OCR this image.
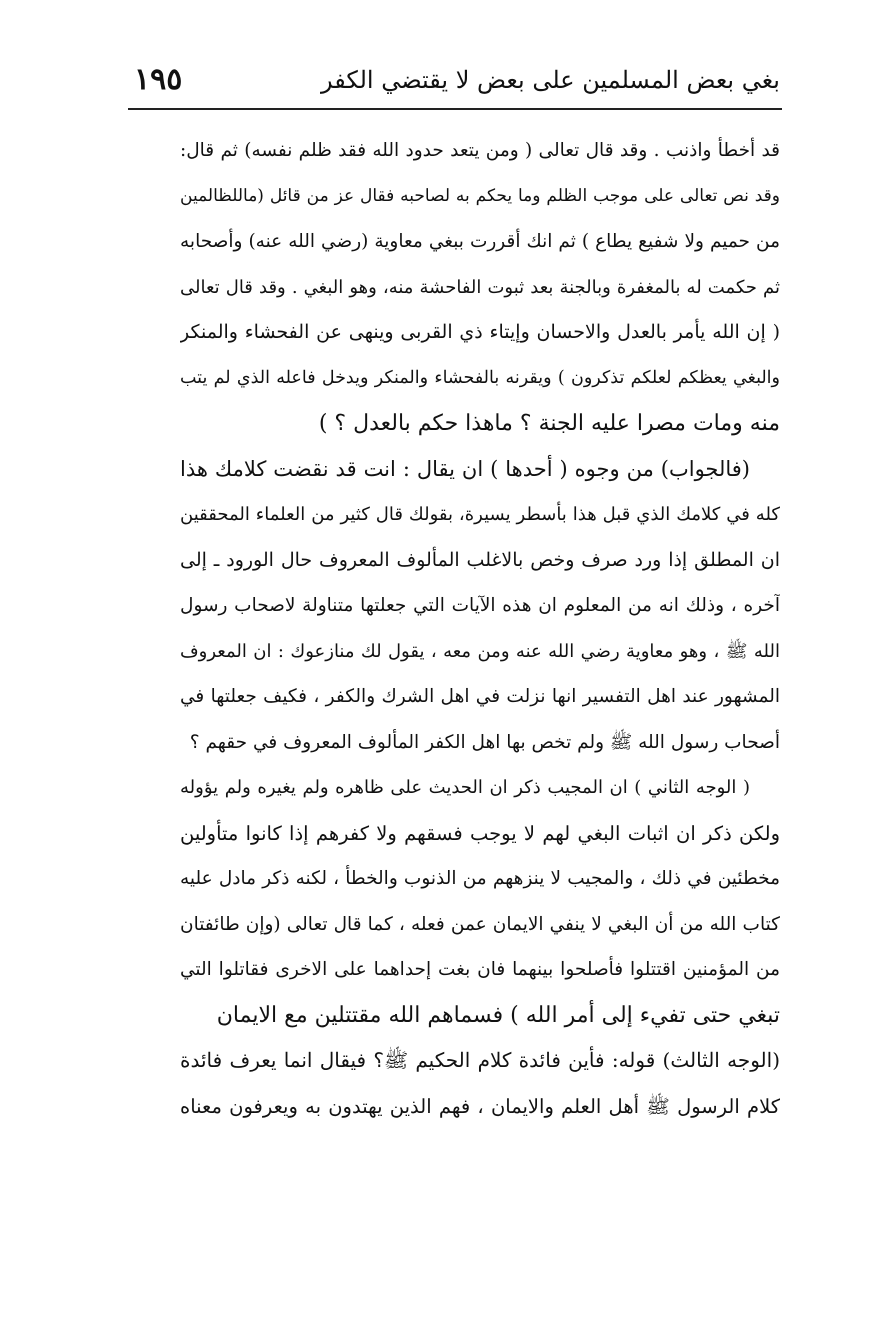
بغي بعض المسلمين على بعض لا يقتضي الكفر
١٩٥
قد أخطأ واذنب . وقد قال تعالى ( ومن يتعد حدود الله فقد ظلم نفسه) ثم قال:
وقد نص تعالى على موجب الظلم وما يحكم به لصاحبه فقال عز من قائل (ماللظالمين
من حميم ولا شفيع يطاع ) ثم انك أقررت ببغي معاوية (رضي الله عنه) وأصحابه
ثم حكمت له بالمغفرة وبالجنة بعد ثبوت الفاحشة منه، وهو البغي . وقد قال تعالى
( إن الله يأمر بالعدل والاحسان وإيتاء ذي القربى وينهى عن الفحشاء والمنكر
والبغي يعظكم لعلكم تذكرون ) ويقرنه بالفحشاء والمنكر ويدخل فاعله الذي لم يتب
منه ومات مصرا عليه الجنة ؟ ماهذا حكم بالعدل ؟ )
(فالجواب) من وجوه ( أحدها ) ان يقال : انت قد نقضت كلامك هذا
كله في كلامك الذي قبل هذا بأسطر يسيرة، بقولك قال كثير من العلماء المحققين
ان المطلق إذا ورد صرف وخص بالاغلب المألوف المعروف حال الورود ـ إلى
آخره ، وذلك انه من المعلوم ان هذه الآيات التي جعلتها متناولة لاصحاب رسول
الله ﷺ ، وهو معاوية رضي الله عنه ومن معه ، يقول لك منازعوك : ان المعروف
المشهور عند اهل التفسير انها نزلت في اهل الشرك والكفر ، فكيف جعلتها في
أصحاب رسول الله ﷺ ولم تخص بها اهل الكفر المألوف المعروف في حقهم ؟
( الوجه الثاني ) ان المجيب ذكر ان الحديث على ظاهره ولم يغيره ولم يؤوله
ولكن ذكر ان اثبات البغي لهم لا يوجب فسقهم ولا كفرهم إذا كانوا متأولين
مخطئين في ذلك ، والمجيب لا ينزههم من الذنوب والخطأ ، لكنه ذكر مادل عليه
كتاب الله من أن البغي لا ينفي الايمان عمن فعله ، كما قال تعالى (وإن طائفتان
من المؤمنين اقتتلوا فأصلحوا بينهما فان بغت إحداهما على الاخرى فقاتلوا التي
تبغي حتى تفيء إلى أمر الله ) فسماهم الله مقتتلين مع الايمان
(الوجه الثالث) قوله: فأين فائدة كلام الحكيم ﷺ؟ فيقال انما يعرف فائدة
كلام الرسول ﷺ أهل العلم والايمان ، فهم الذين يهتدون به ويعرفون معناه
